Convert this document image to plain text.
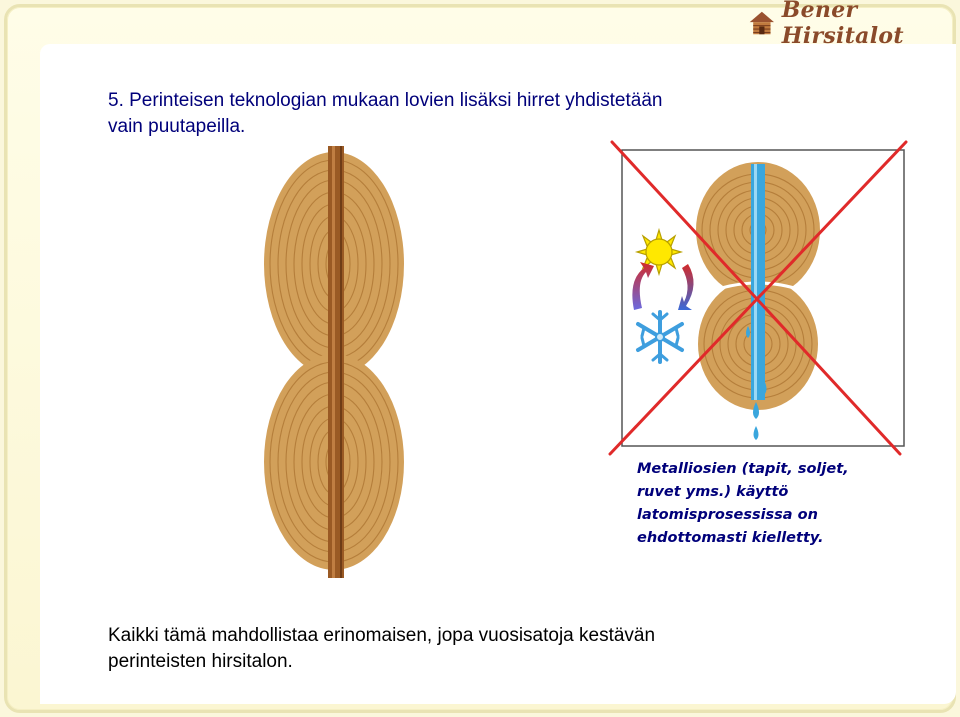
Bener Hirsitalot
5. Perinteisen teknologian mukaan lovien lisäksi hirret yhdistetään
vain puutapeilla.
Metalliosien (tapit, soljet,
ruvet yms.) käyttö
latomisprosessissa on
ehdottomasti kielletty.
Kaikki tämä mahdollistaa erinomaisen, jopa vuosisatoja kestävän
perinteisten hirsitalon.
